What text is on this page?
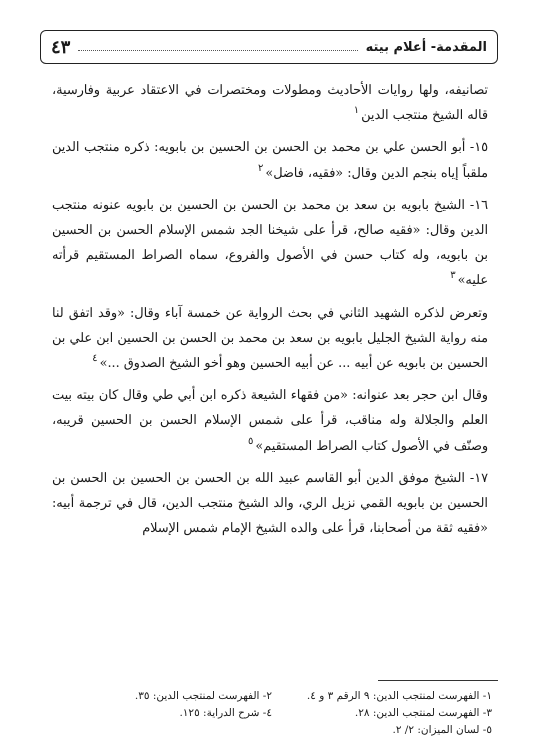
المقدمة- أعلام بيته
٤٣

تصانيفه، ولها روايات الأحاديث ومطولات ومختصرات في الاعتقاد عربية وفارسية، قاله الشيخ منتجب الدين$^١$

١٥- أبو الحسن علي بن محمد بن الحسن بن الحسين بن بابويه: ذكره منتجب الدين ملقباً إياه بنجم الدين وقال: «فقيه، فاضل»$^٢$

١٦- الشيخ بابويه بن سعد بن محمد بن الحسن بن الحسين بن بابويه عنونه منتجب الدين وقال: «فقيه صالح، قرأ على شيخنا الجد شمس الإسلام الحسن بن الحسين بن بابويه، وله كتاب حسن في الأصول والفروع، سماه الصراط المستقيم قرأته عليه»$^٣$

وتعرض لذكره الشهيد الثاني في بحث الرواية عن خمسة آباء وقال: «وقد اتفق لنا منه رواية الشيخ الجليل بابويه بن سعد بن محمد بن الحسن بن الحسين ابن علي بن الحسين بن بابويه عن أبيه ... عن أبيه الحسين وهو أخو الشيخ الصدوق ...»$^٤$

وقال ابن حجر بعد عنوانه: «من فقهاء الشيعة ذكره ابن أبي طي وقال كان بيته بيت العلم والجلالة وله مناقب، قرأ على شمس الإسلام الحسن بن الحسين قريبه، وصنّف في الأصول كتاب الصراط المستقيم»$^٥$

١٧- الشيخ موفق الدين أبو القاسم عبيد الله بن الحسن بن الحسين بن الحسن بن الحسين بن بابويه القمي نزيل الري، والد الشيخ منتجب الدين، قال في ترجمة أبيه: «فقيه ثقة من أصحابنا، قرأ على والده الشيخ الإمام شمس الإسلام

١- الفهرست لمنتجب الدين: ٩ الرقم ٣ و ٤.
٢- الفهرست لمنتجب الدين: ٣٥.
٣- الفهرست لمنتجب الدين: ٢٨.
٤- شرح الدراية: ١٢٥.
٥- لسان الميزان: ٢/ ٢.
